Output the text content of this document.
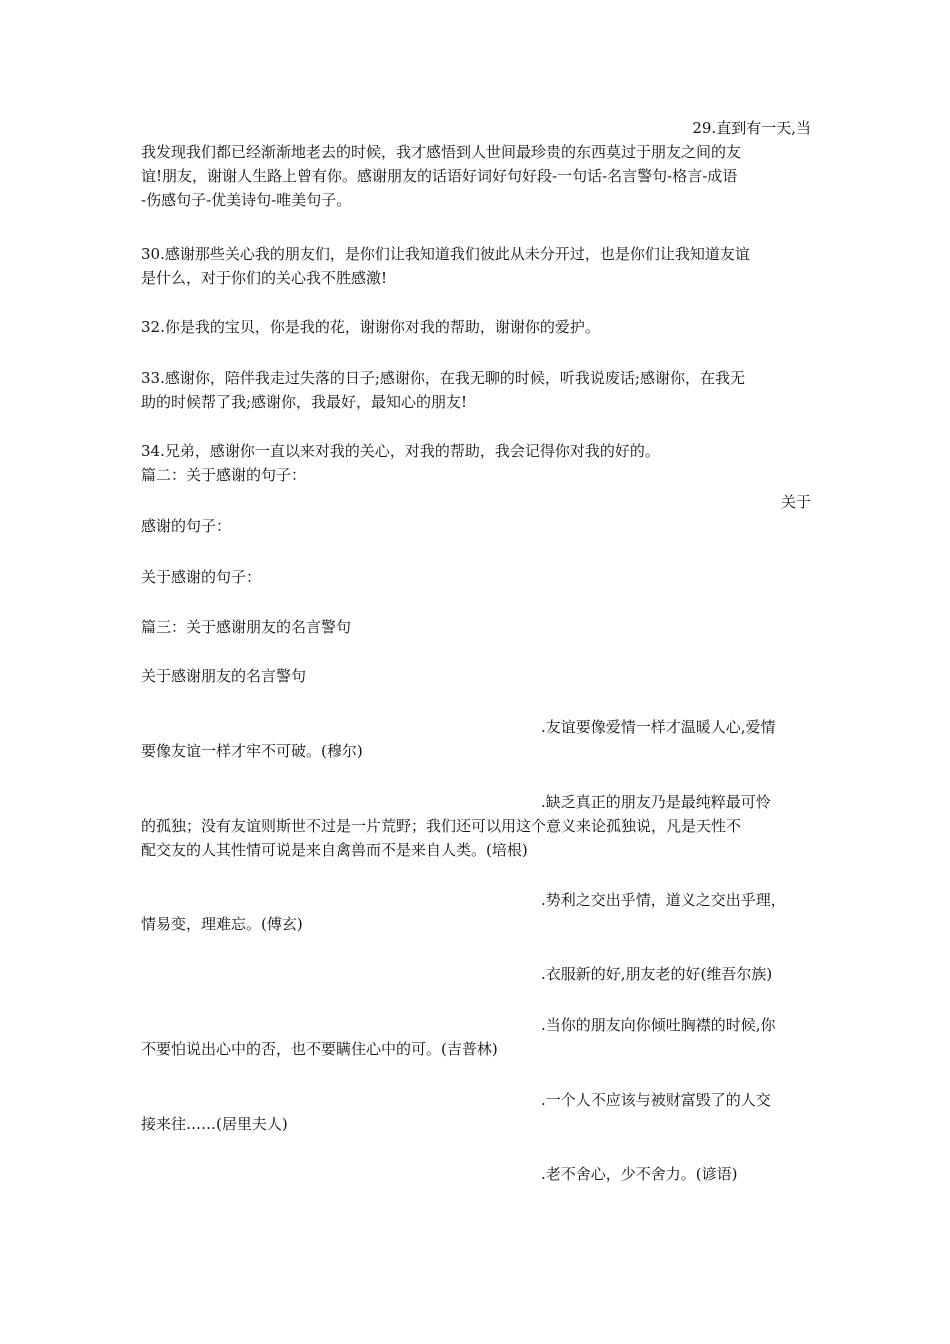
29.直到有一天,当
我发现我们都已经渐渐地老去的时候，我才感悟到人世间最珍贵的东西莫过于朋友之间的友
谊!朋友，谢谢人生路上曾有你。感谢朋友的话语好词好句好段-一句话-名言警句-格言-成语
-伤感句子-优美诗句-唯美句子。
30.感谢那些关心我的朋友们，是你们让我知道我们彼此从未分开过，也是你们让我知道友谊
是什么，对于你们的关心我不胜感激!
32.你是我的宝贝，你是我的花，谢谢你对我的帮助，谢谢你的爱护。
33.感谢你，陪伴我走过失落的日子;感谢你，在我无聊的时候，听我说废话;感谢你，在我无
助的时候帮了我;感谢你，我最好，最知心的朋友!
34.兄弟，感谢你一直以来对我的关心，对我的帮助，我会记得你对我的好的。
篇二：关于感谢的句子：
关于
感谢的句子：
关于感谢的句子：
篇三：关于感谢朋友的名言警句
关于感谢朋友的名言警句
.友谊要像爱情一样才温暖人心,爱情
要像友谊一样才牢不可破。(穆尔)
.缺乏真正的朋友乃是最纯粹最可怜
的孤独；没有友谊则斯世不过是一片荒野；我们还可以用这个意义来论孤独说，凡是天性不
配交友的人其性情可说是来自禽兽而不是来自人类。(培根)
.势利之交出乎情，道义之交出乎理，
情易变，理难忘。(傅玄)
.衣服新的好,朋友老的好(维吾尔族)
.当你的朋友向你倾吐胸襟的时候,你
不要怕说出心中的否，也不要瞒住心中的可。(吉普林)
.一个人不应该与被财富毁了的人交
接来往……(居里夫人)
.老不舍心，少不舍力。(谚语)
